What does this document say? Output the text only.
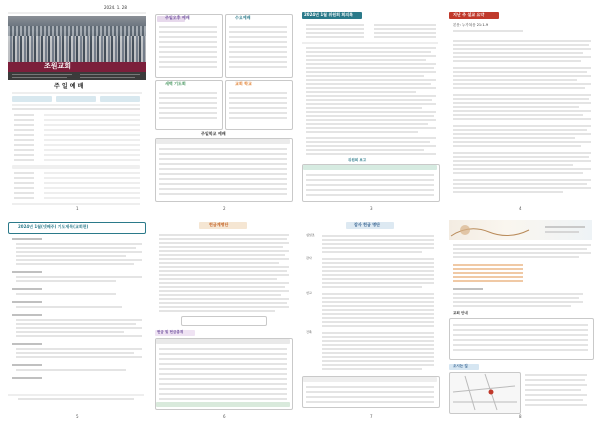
2024. 1. 28
조원교회
주 일 예 배
1
주일오후 예배	수요예배
새벽 기도회	교회 학교
주일학교 예배
2
2024년 1월 위원회 회의록
위원회 보고
3
지난 주 설교 요약
본문: 누가복음 21:1-9
4
2024년 1월(넷째주) 기도제목(교회편)
5
헌금계명단
헌금 및 헌금총계
6
감사 헌금 명단
십일조
감사
선교
건축
7
교회 안내
오시는 길
8
